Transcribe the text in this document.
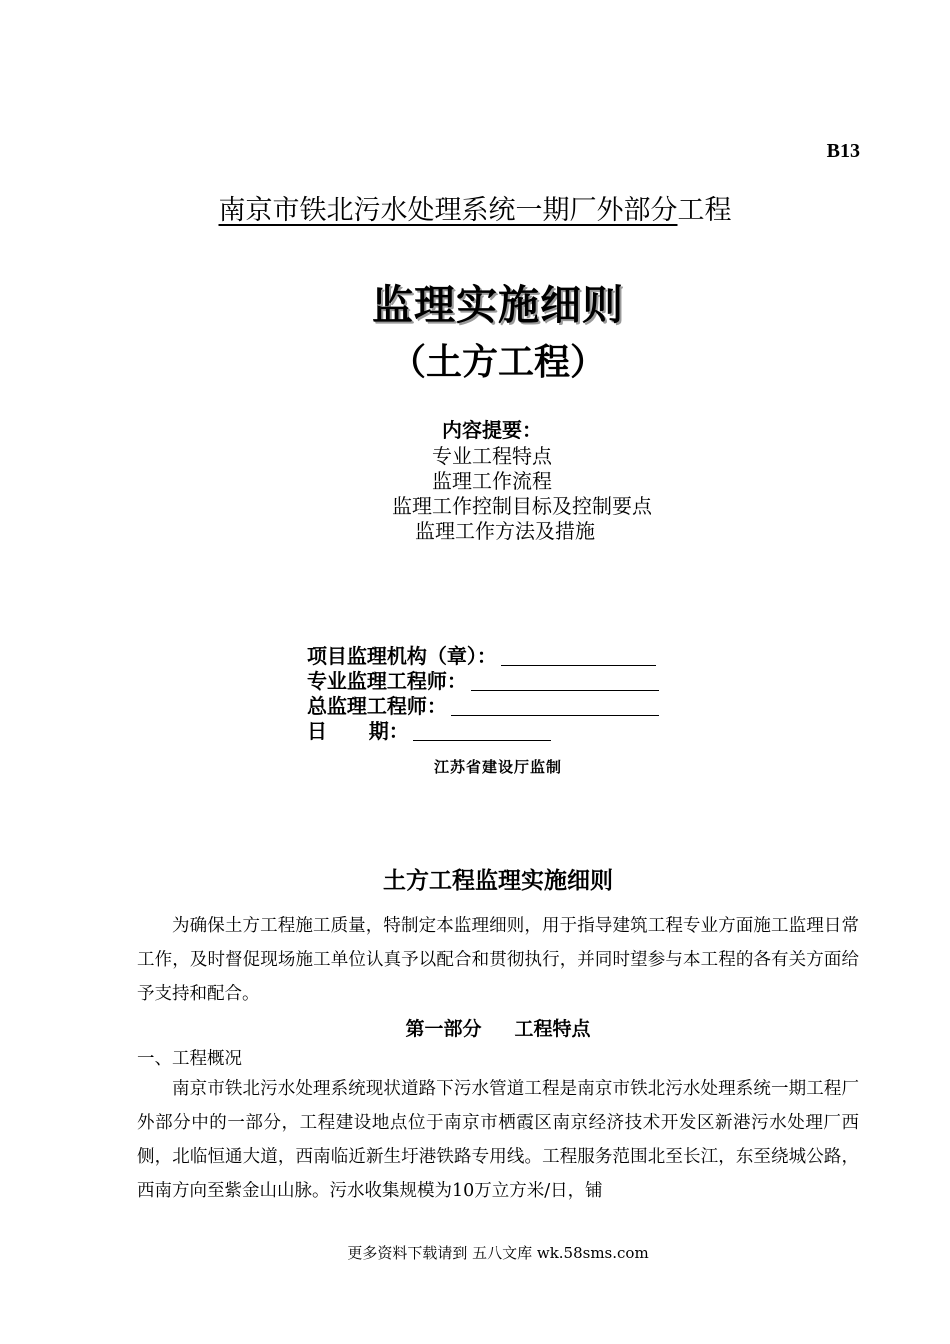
B13
南京市铁北污水处理系统一期厂外部分工程
监理实施细则
（土方工程）
内容提要：
专业工程特点
监理工作流程
监理工作控制目标及控制要点
监理工作方法及措施

项目监理机构（章）：

专业监理工程师：

总监理工程师：

日      期：

江苏省建设厅监制
土方工程监理实施细则
为确保土方工程施工质量，特制定本监理细则，用于指导建筑工程专业方面施工监理日常工作，及时督促现场施工单位认真予以配合和贯彻执行，并同时望参与本工程的各有关方面给予支持和配合。
第一部分     工程特点
一、工程概况
南京市铁北污水处理系统现状道路下污水管道工程是南京市铁北污水处理系统一期工程厂外部分中的一部分，工程建设地点位于南京市栖霞区南京经济技术开发区新港污水处理厂西侧，北临恒通大道，西南临近新生圩港铁路专用线。工程服务范围北至长江，东至绕城公路，西南方向至紫金山山脉。污水收集规模为10万立方米/日，铺
更多资料下载请到 五八文库 wk.58sms.com
